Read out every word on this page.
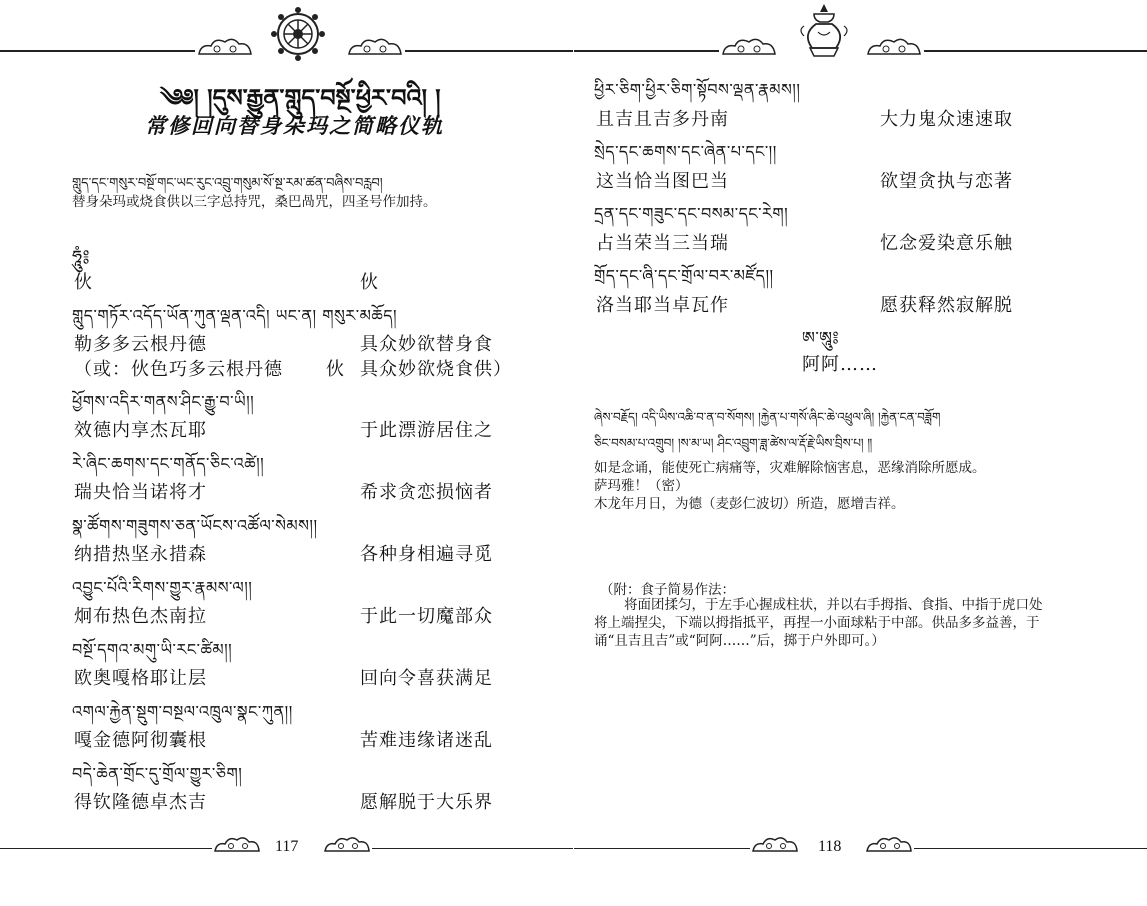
༄༅། །དུས་རྒྱུན་གླུད་བསྔོ་ཕྱིར་བའི། །
常修回向替身朵玛之简略仪轨
གླུད་དང་གསུར་བསྔོ་གང་ཡང་རུང་འབྲུ་གསུམ་སོ་སྔ་རམ་ཚན་བཞིས་བརླབ།
替身朵玛或烧食供以三字总持咒，桑巴咼咒，四圣号作加持。
ཧཱུཾ༔
伙	伙
གླུད་གཏོར་འདོད་ཡོན་ཀུན་ལྡན་འདི། ཡང་ན། གསུར་མཆོད།
勒多多云根丹德	具众妙欲替身食
（或：伙色巧多云根丹德 伙 具众妙欲烧食供）
ཕྱོགས་འདིར་གནས་ཤིང་རྒྱུ་བ་ཡི།།
效德内享杰瓦耶	于此漂游居住之
རེ་ཞིང་ཆགས་དང་གནོད་ཅིང་འཚེ།།
瑞央恰当诺将才	希求贪恋损恼者
སྣ་ཚོགས་གཟུགས་ཅན་ཡོངས་འཚོལ་སེམས།།
纳措热坚永措森	各种身相遍寻觅
འབྱུང་པོའི་རིགས་གྱུར་རྣམས་ལ།།
炯布热色杰南拉	于此一切魔部众
བསྔོ་དགའ་མགུ་ཡི་རང་ཚིམ།།
欧奥嘎格耶让层	回向令喜获满足
འགལ་རྐྱེན་སྡུག་བསྔལ་འཁྲུལ་སྣང་ཀུན།།
嘎金德阿彻囊根	苦难违缘诸迷乱
བདེ་ཆེན་གྲོང་དུ་གྲོལ་གྱུར་ཅིག།
得钦隆德卓杰吉	愿解脱于大乐界
117
ཕྱིར་ཅིག་ཕྱིར་ཅིག་སྟོབས་ལྡན་རྣམས།།
且吉且吉多丹南	大力鬼众速速取
སྲེད་དང་ཆགས་དང་ཞེན་པ་དང་།།
这当恰当图巴当	欲望贪执与恋著
དྲན་དང་གཟུང་དང་བསམ་དང་རེག།
占当荣当三当瑞	忆念爱染意乐触
གྲོད་དང་ཞི་དང་གྲོལ་བར་མཛོད།།
洛当耶当卓瓦作	愿获释然寂解脱
ཨ་ཨཱུ༔
阿阿……
ཞེས་བརྗོད། འདི་ཡིས་འཆི་བ་ན་བ་སོགས། །རྐྱེན་པ་གསོ་ཞིང་ཆེ་འཕྲུལ་ཞི། །རྐྱེན་ངན་བཟློག
ཅིང་བསམ་པ་འགྲུབ། །ས་མ་ཡ། ཤིང་འབྲུག་ཟླ་ཚེས་ལ་རྡོ་རྗེ་ཡིས་བྲིས་པ། ༎
如是念诵，能使死亡病痛等，灾难解除恼害息，恶缘消除所愿成。
萨玛雅！（密）
木龙年月日，为德（麦彭仁波切）所造，愿增吉祥。
（附：食子简易作法：
将面团揉匀，于左手心握成柱状，并以右手拇指、食指、中指于虎口处将上端捏尖，下端以拇指抵平，再捏一小面球粘于中部。供品多多益善，于诵“且吉且吉”或“阿阿……”后，掷于户外即可。）
118
